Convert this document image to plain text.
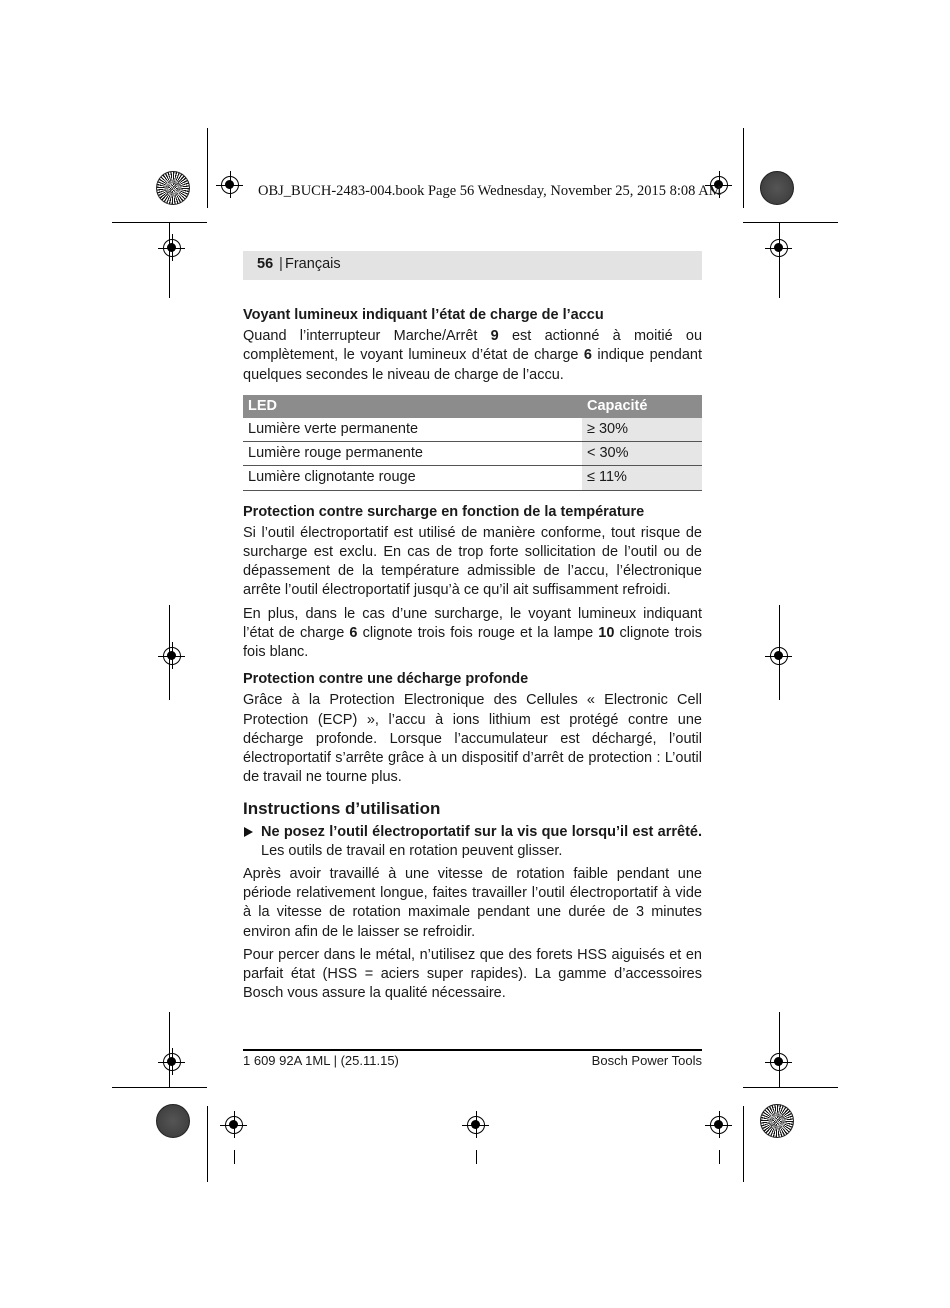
OBJ_BUCH-2483-004.book Page 56 Wednesday, November 25, 2015 8:08 AM
56 | Français

Voyant lumineux indiquant l’état de charge de l’accu

Quand l’interrupteur Marche/Arrêt 9 est actionné à moitié ou complètement, le voyant lumineux d’état de charge 6 indique pendant quelques secondes le niveau de charge de l’accu.

LED	Capacité
Lumière verte permanente	≥ 30%
Lumière rouge permanente	< 30%
Lumière clignotante rouge	≤ 11%

Protection contre surcharge en fonction de la température

Si l’outil électroportatif est utilisé de manière conforme, tout risque de surcharge est exclu. En cas de trop forte sollicitation de l’outil ou de dépassement de la température admissible de l’accu, l’électronique arrête l’outil électroportatif jusqu’à ce qu’il ait suffisamment refroidi.

En plus, dans le cas d’une surcharge, le voyant lumineux indiquant l’état de charge 6 clignote trois fois rouge et la lampe 10 clignote trois fois blanc.

Protection contre une décharge profonde

Grâce à la Protection Electronique des Cellules « Electronic Cell Protection (ECP) », l’accu à ions lithium est protégé contre une décharge profonde. Lorsque l’accumulateur est déchargé, l’outil électroportatif s’arrête grâce à un dispositif d’arrêt de protection : L’outil de travail ne tourne plus.

Instructions d’utilisation

Ne posez l’outil électroportatif sur la vis que lorsqu’il est arrêté. Les outils de travail en rotation peuvent glisser.

Après avoir travaillé à une vitesse de rotation faible pendant une période relativement longue, faites travailler l’outil électroportatif à vide à la vitesse de rotation maximale pendant une durée de 3 minutes environ afin de le laisser se refroidir.

Pour percer dans le métal, n’utilisez que des forets HSS aiguisés et en parfait état (HSS = aciers super rapides). La gamme d’accessoires Bosch vous assure la qualité nécessaire.

1 609 92A 1ML | (25.11.15)	Bosch Power Tools
